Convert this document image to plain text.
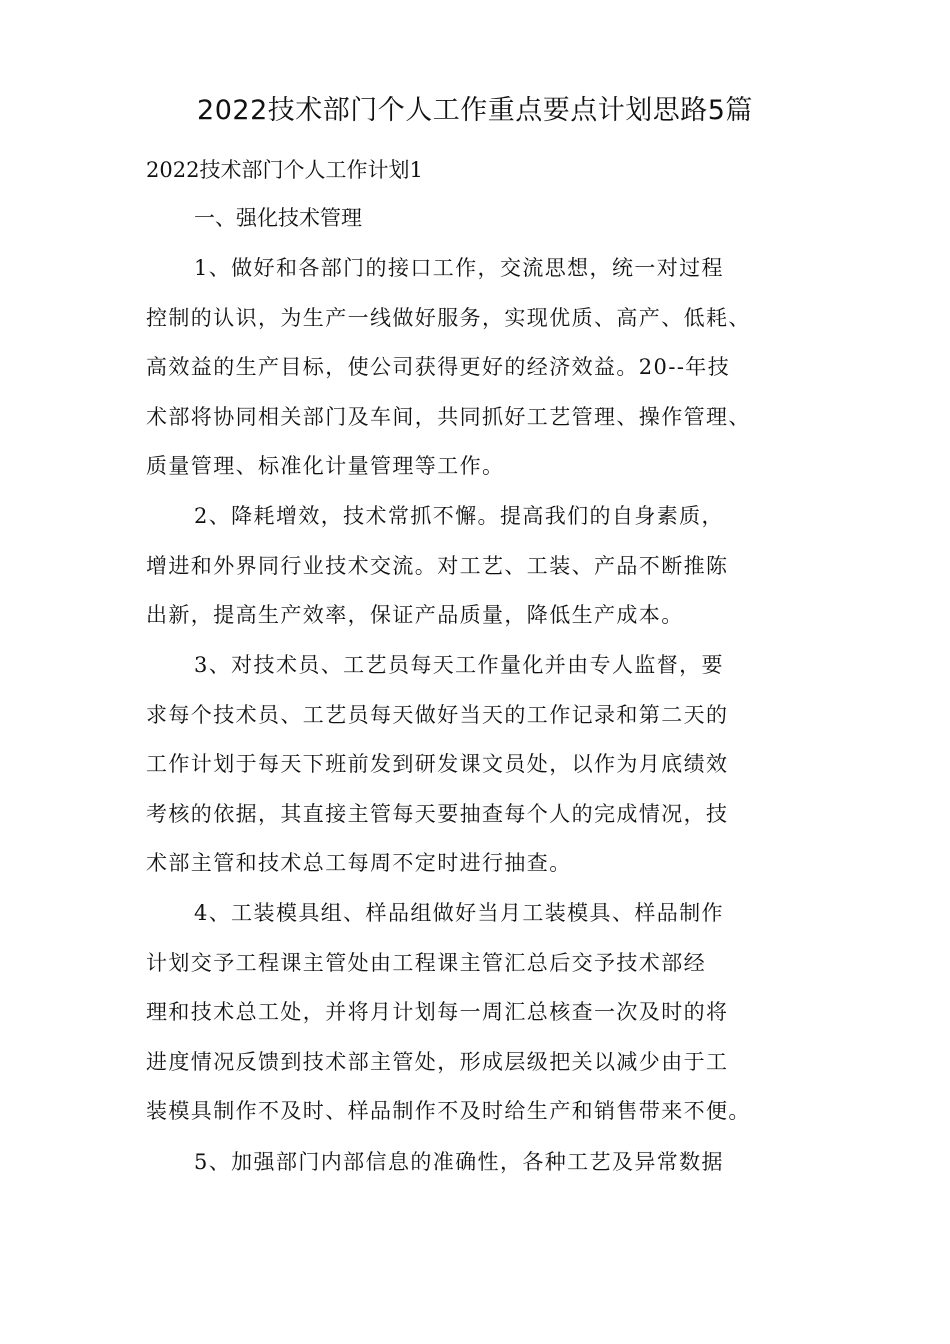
2022技术部门个人工作重点要点计划思路5篇

2022技术部门个人工作计划1

一、强化技术管理

1、做好和各部门的接口工作，交流思想，统一对过程
控制的认识，为生产一线做好服务，实现优质、高产、低耗、
高效益的生产目标，使公司获得更好的经济效益。20--年技
术部将协同相关部门及车间，共同抓好工艺管理、操作管理、
质量管理、标准化计量管理等工作。

2、降耗增效，技术常抓不懈。提高我们的自身素质，
增进和外界同行业技术交流。对工艺、工装、产品不断推陈
出新，提高生产效率，保证产品质量，降低生产成本。

3、对技术员、工艺员每天工作量化并由专人监督，要
求每个技术员、工艺员每天做好当天的工作记录和第二天的
工作计划于每天下班前发到研发课文员处，以作为月底绩效
考核的依据，其直接主管每天要抽查每个人的完成情况，技
术部主管和技术总工每周不定时进行抽查。

4、工装模具组、样品组做好当月工装模具、样品制作
计划交予工程课主管处由工程课主管汇总后交予技术部经
理和技术总工处，并将月计划每一周汇总核查一次及时的将
进度情况反馈到技术部主管处，形成层级把关以减少由于工
装模具制作不及时、样品制作不及时给生产和销售带来不便。

5、加强部门内部信息的准确性，各种工艺及异常数据
